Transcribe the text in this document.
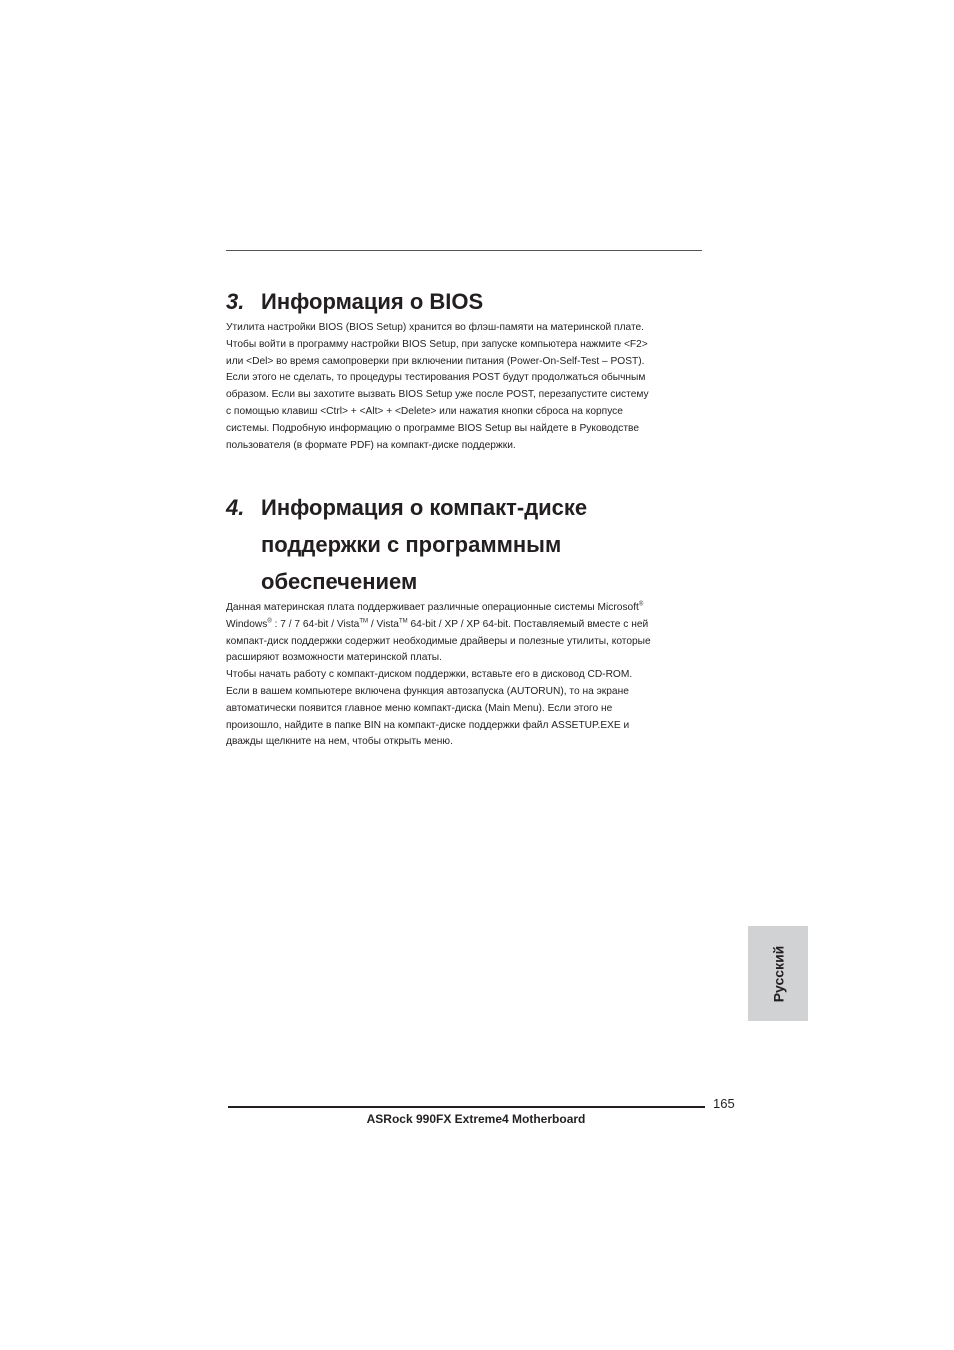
3. Информация о BIOS

Утилита настройки BIOS (BIOS Setup) хранится во флэш-памяти на материнской плате.
Чтобы войти в программу настройки BIOS Setup, при запуске компьютера нажмите <F2>
или <Del> во время самопроверки при включении питания (Power-On-Self-Test – POST).
Если этого не сделать, то процедуры тестирования POST будут продолжаться обычным
образом. Если вы захотите вызвать BIOS Setup уже после POST, перезапустите систему
с помощью клавиш <Ctrl> + <Alt> + <Delete> или нажатия кнопки сброса на корпусе
системы. Подробную информацию о программе BIOS Setup вы найдете в Руководстве
пользователя (в формате PDF) на компакт-диске поддержки.

4. Информация о компакт-диске
поддержки с программным
обеспечением

Данная материнская плата поддерживает различные операционные системы Microsoft®
Windows® : 7 / 7 64-bit / Vista™ / Vista™ 64-bit / XP / XP 64-bit. Поставляемый вместе с ней
компакт-диск поддержки содержит необходимые драйверы и полезные утилиты, которые
расширяют возможности материнской платы.

Чтобы начать работу с компакт-диском поддержки, вставьте его в дисковод CD-ROM.
Если в вашем компьютере включена функция автозапуска (AUTORUN), то на экране
автоматически появится главное меню компакт-диска (Main Menu). Если этого не
произошло, найдите в папке BIN на компакт-диске поддержки файл ASSETUP.EXE и
дважды щелкните на нем, чтобы открыть меню.

Русский
165
ASRock 990FX Extreme4 Motherboard
